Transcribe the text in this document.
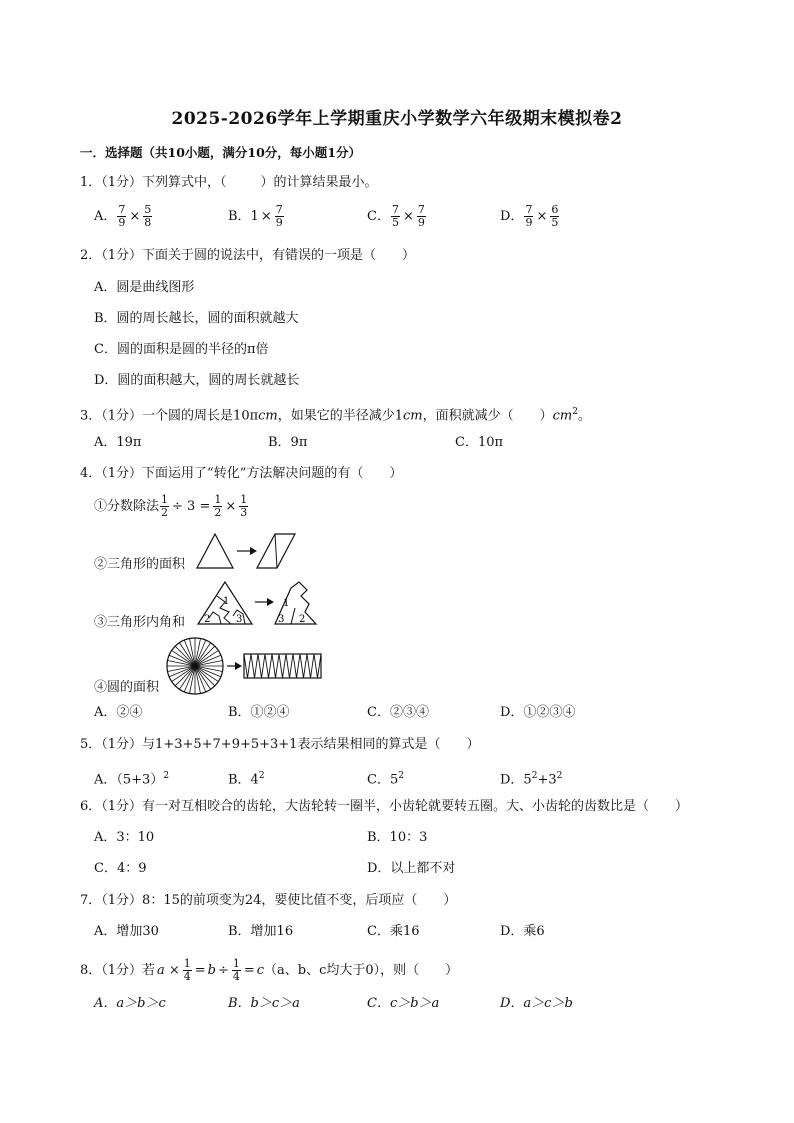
2025-2026学年上学期重庆小学数学六年级期末模拟卷2
一．选择题（共10小题，满分10分，每小题1分）
1．（1分）下列算式中，（	）的计算结果最小。
A． $\frac{7}{9} \times \frac{5}{8}$	B．$1 \times \frac{7}{9}$	C． $\frac{7}{5} \times \frac{7}{9}$	D． $\frac{7}{9} \times \frac{6}{5}$
2．（1分）下面关于圆的说法中，有错误的一项是（　　）
A．圆是曲线图形
B．圆的周长越长，圆的面积就越大
C．圆的面积是圆的半径的π倍
D．圆的面积越大，圆的周长就越长
3．（1分）一个圆的周长是10πcm，如果它的半径减少1cm，面积就减少（　　）$cm^2$。
A．19π	B．9π	C．10π
4．（1分）下面运用了“转化”方法解决问题的有（　　）
①分数除法 $\frac{1}{2} \div 3 = \frac{1}{2} \times \frac{1}{3}$
②三角形的面积
③三角形内角和
1
2	3
1
3 2
④圆的面积
A．②④	B．①②④	C．②③④	D．①②③④
5．（1分）与1+3+5+7+9+5+3+1表示结果相同的算式是（　　）
A．$(5+3)^2$	B．$4^2$	C．$5^2$	D．$5^2+3^2$
6．（1分）有一对互相咬合的齿轮，大齿轮转一圈半，小齿轮就要转五圈。大、小齿轮的齿数比是（　　）
A．3：10	B．10：3
C．4：9	D．以上都不对
7．（1分）8：15的前项变为24，要使比值不变，后项应（　　）
A．增加30	B．增加16	C．乘16	D．乘6
8．（1分）若 $a \times \frac{1}{4} = b \div \frac{1}{4} = c(a$、b、c均大于0），则（　　）
A．a＞b＞c	B．b＞c＞a	C．c＞b＞a	D．a＞c＞b
